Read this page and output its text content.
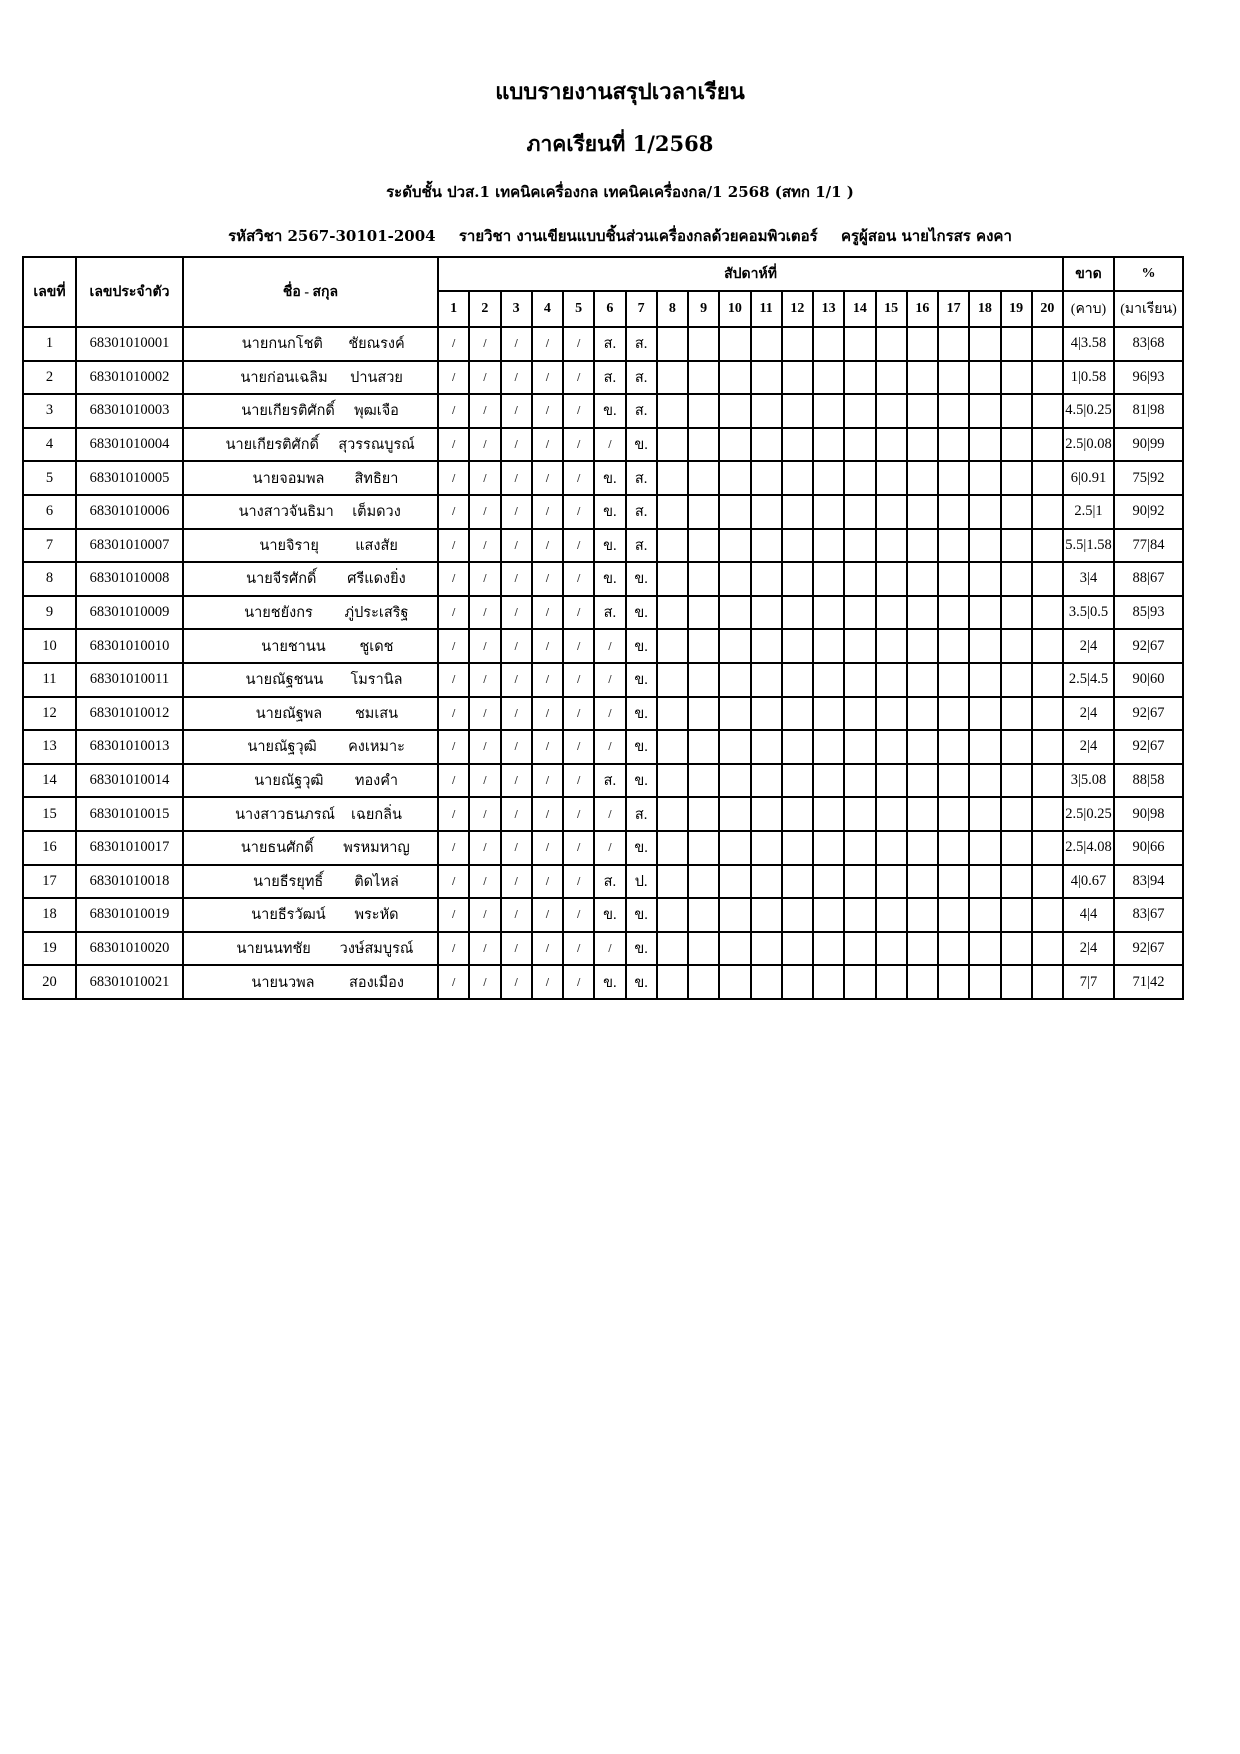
แบบรายงานสรุปเวลาเรียน
ภาคเรียนที่ 1/2568
ระดับชั้น ปวส.1 เทคนิคเครื่องกล เทคนิคเครื่องกล/1 2568 (สทก 1/1 )
รหัสวิชา 2567-30101-2004 รายวิชา งานเขียนแบบชิ้นส่วนเครื่องกลด้วยคอมพิวเตอร์ ครูผู้สอน นายไกรสร คงคา
เลขที่	เลขประจำตัว	ชื่อ - สกุล	สัปดาห์ที่																				ขาด	%
			1	2	3	4	5	6	7	8	9	10	11	12	13	14	15	16	17	18	19	20	(คาบ)	(มาเรียน)
1	68301010001	นายกนกโชติ ชัยณรงค์	/	/	/	/	/	ส.	ส.														4|3.58	83|68
2	68301010002	นายก่อนเฉลิม ปานสวย	/	/	/	/	/	ส.	ส.														1|0.58	96|93
3	68301010003	นายเกียรติศักดิ์ พุฒเจือ	/	/	/	/	/	ข.	ส.														4.5|0.25	81|98
4	68301010004	นายเกียรติศักดิ์ สุวรรณบูรณ์	/	/	/	/	/	/	ข.														2.5|0.08	90|99
5	68301010005	นายจอมพล สิทธิยา	/	/	/	/	/	ข.	ส.														6|0.91	75|92
6	68301010006	นางสาวจันธิมา เต็มดวง	/	/	/	/	/	ข.	ส.														2.5|1	90|92
7	68301010007	นายจิรายุ แสงสัย	/	/	/	/	/	ข.	ส.														5.5|1.58	77|84
8	68301010008	นายจีรศักดิ์ ศรีแดงยิ่ง	/	/	/	/	/	ข.	ข.														3|4	88|67
9	68301010009	นายชยังกร ภู่ประเสริฐ	/	/	/	/	/	ส.	ข.														3.5|0.5	85|93
10	68301010010	นายชานน ชูเดช	/	/	/	/	/	/	ข.														2|4	92|67
11	68301010011	นายณัฐชนน โมรานิล	/	/	/	/	/	/	ข.														2.5|4.5	90|60
12	68301010012	นายณัฐพล ชมเสน	/	/	/	/	/	/	ข.														2|4	92|67
13	68301010013	นายณัฐวุฒิ คงเหมาะ	/	/	/	/	/	/	ข.														2|4	92|67
14	68301010014	นายณัฐวุฒิ ทองคำ	/	/	/	/	/	ส.	ข.														3|5.08	88|58
15	68301010015	นางสาวธนภรณ์ เฉยกลิ่น	/	/	/	/	/	/	ส.														2.5|0.25	90|98
16	68301010017	นายธนศักดิ์ พรหมหาญ	/	/	/	/	/	/	ข.														2.5|4.08	90|66
17	68301010018	นายธีรยุทธิ์ ติดไหล่	/	/	/	/	/	ส.	ป.														4|0.67	83|94
18	68301010019	นายธีรวัฒน์ พระหัด	/	/	/	/	/	ข.	ข.														4|4	83|67
19	68301010020	นายนนทชัย วงษ์สมบูรณ์	/	/	/	/	/	/	ข.														2|4	92|67
20	68301010021	นายนวพล สองเมือง	/	/	/	/	/	ข.	ข.														7|7	71|42
